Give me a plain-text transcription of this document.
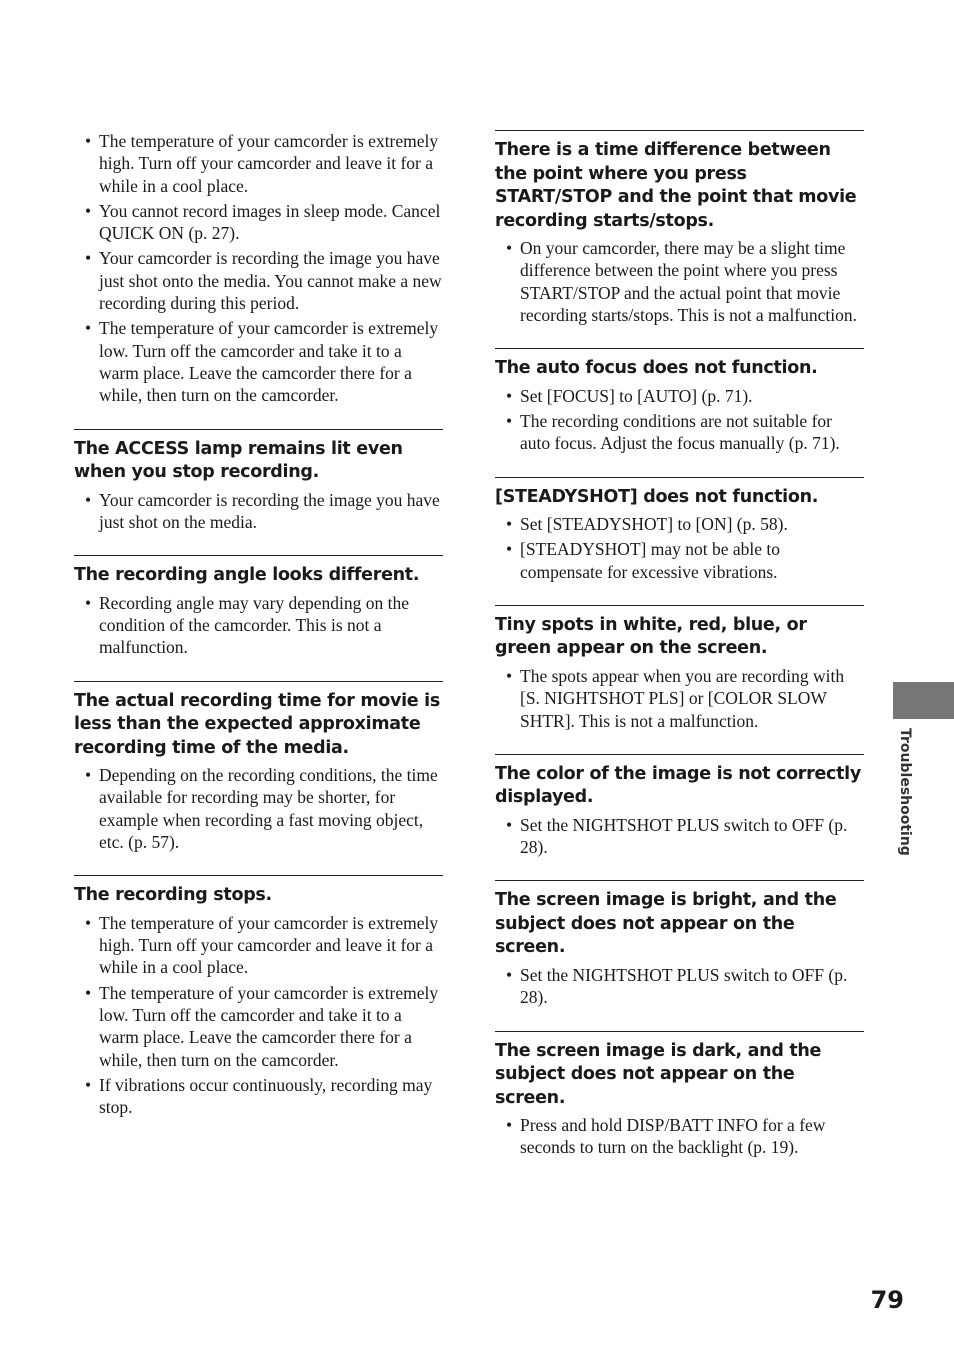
• The temperature of your camcorder is extremely high. Turn off your camcorder and leave it for a while in a cool place.
• You cannot record images in sleep mode. Cancel QUICK ON (p. 27).
• Your camcorder is recording the image you have just shot onto the media. You cannot make a new recording during this period.
• The temperature of your camcorder is extremely low. Turn off the camcorder and take it to a warm place. Leave the camcorder there for a while, then turn on the camcorder.
The ACCESS lamp remains lit even when you stop recording.
• Your camcorder is recording the image you have just shot on the media.
The recording angle looks different.
• Recording angle may vary depending on the condition of the camcorder. This is not a malfunction.
The actual recording time for movie is less than the expected approximate recording time of the media.
• Depending on the recording conditions, the time available for recording may be shorter, for example when recording a fast moving object, etc. (p. 57).
The recording stops.
• The temperature of your camcorder is extremely high. Turn off your camcorder and leave it for a while in a cool place.
• The temperature of your camcorder is extremely low. Turn off the camcorder and take it to a warm place. Leave the camcorder there for a while, then turn on the camcorder.
• If vibrations occur continuously, recording may stop.
There is a time difference between the point where you press START/STOP and the point that movie recording starts/stops.
• On your camcorder, there may be a slight time difference between the point where you press START/STOP and the actual point that movie recording starts/stops. This is not a malfunction.
The auto focus does not function.
• Set [FOCUS] to [AUTO] (p. 71).
• The recording conditions are not suitable for auto focus. Adjust the focus manually (p. 71).
[STEADYSHOT] does not function.
• Set [STEADYSHOT] to [ON] (p. 58).
• [STEADYSHOT] may not be able to compensate for excessive vibrations.
Tiny spots in white, red, blue, or green appear on the screen.
• The spots appear when you are recording with [S. NIGHTSHOT PLS] or [COLOR SLOW SHTR]. This is not a malfunction.
The color of the image is not correctly displayed.
• Set the NIGHTSHOT PLUS switch to OFF (p. 28).
The screen image is bright, and the subject does not appear on the screen.
• Set the NIGHTSHOT PLUS switch to OFF (p. 28).
The screen image is dark, and the subject does not appear on the screen.
• Press and hold DISP/BATT INFO for a few seconds to turn on the backlight (p. 19).
Troubleshooting
79
